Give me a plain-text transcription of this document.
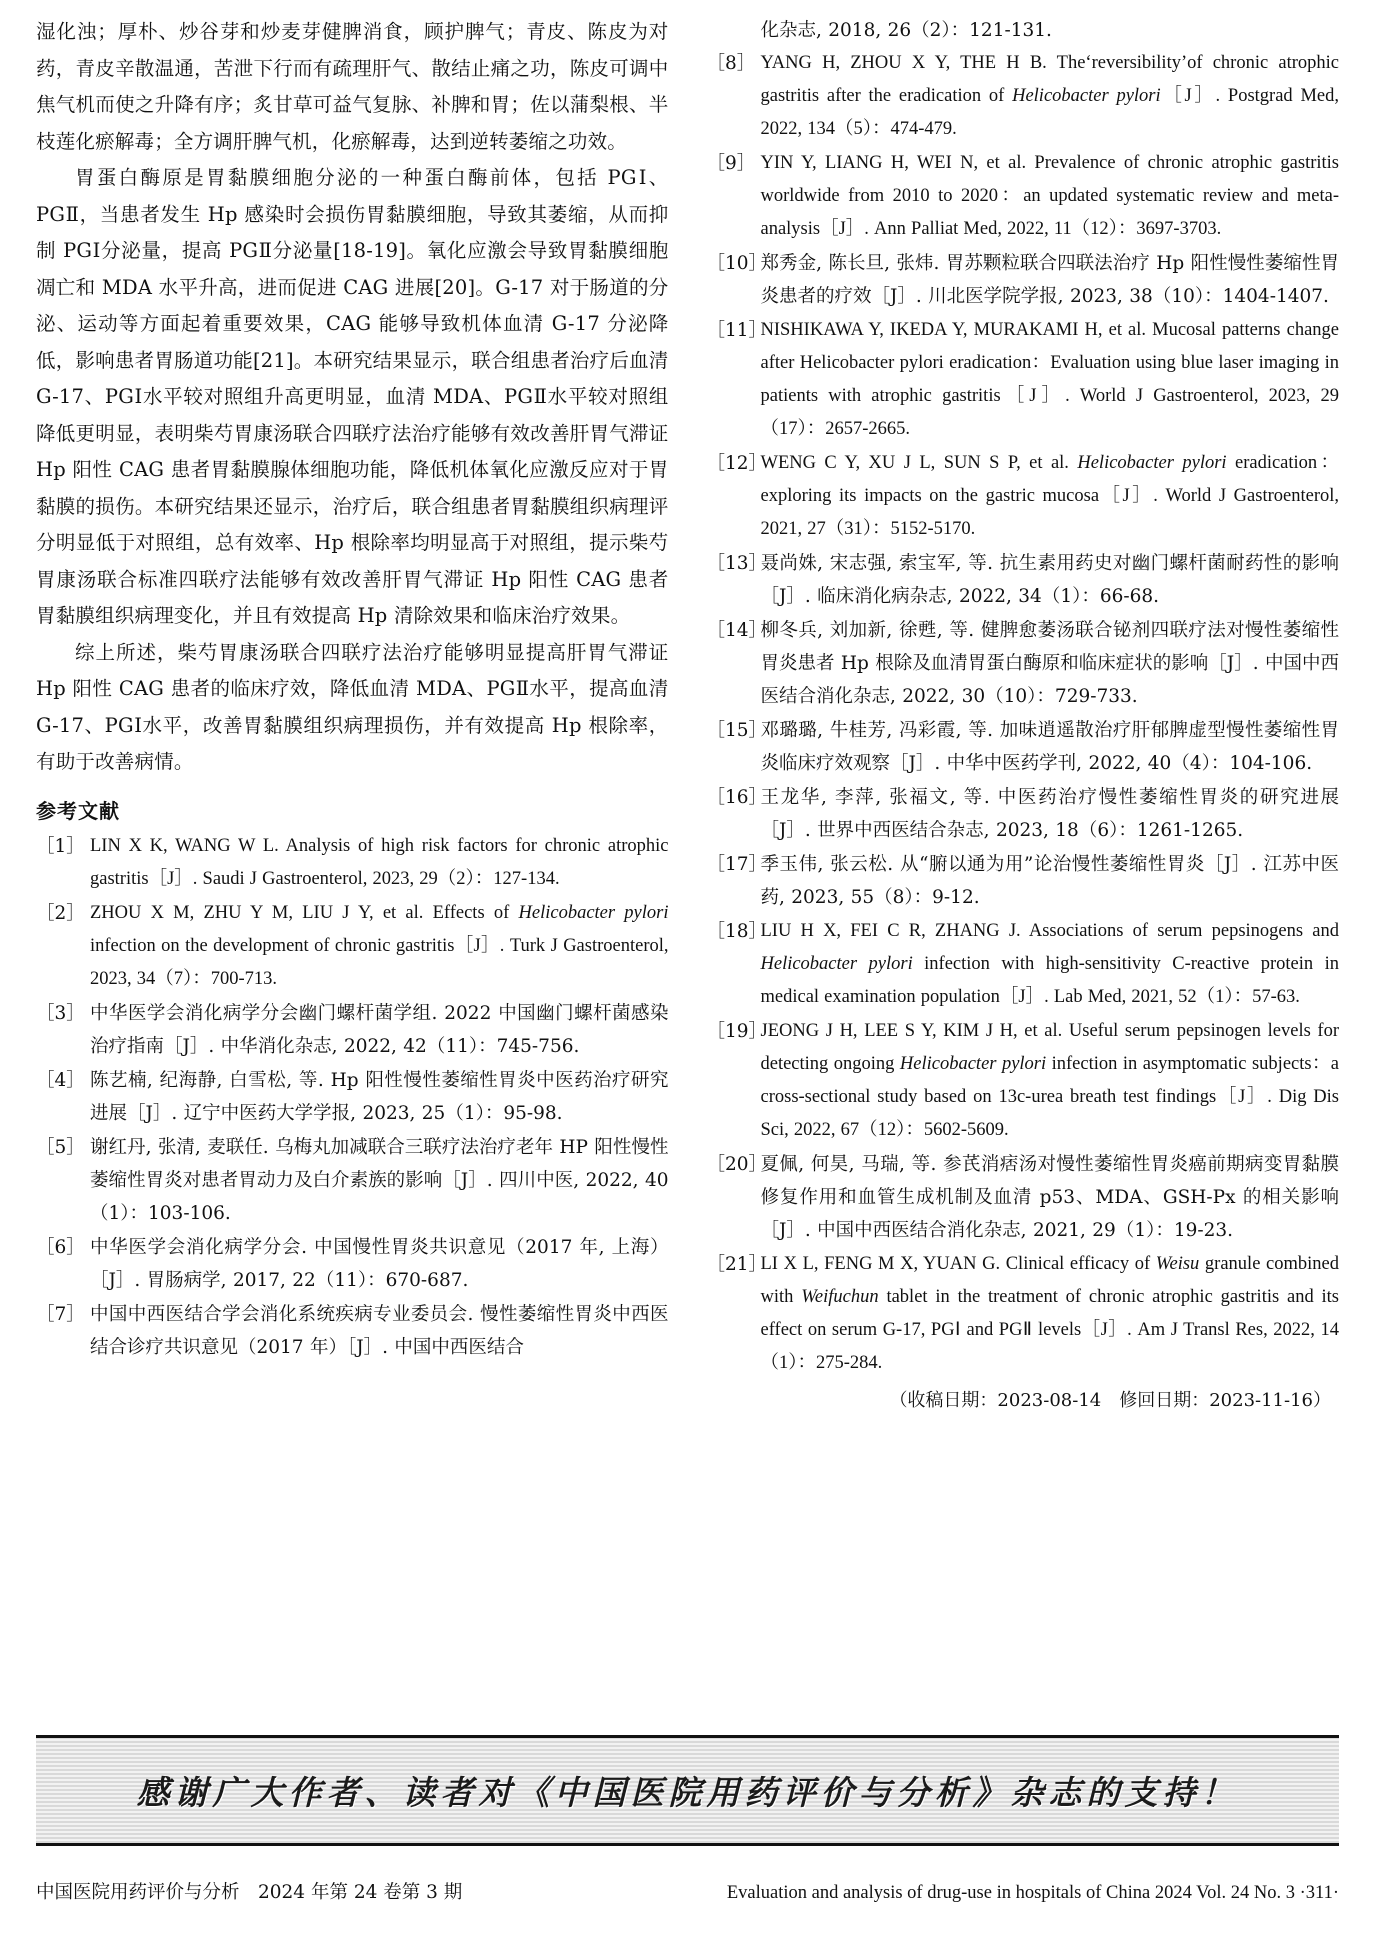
湿化浊；厚朴、炒谷芽和炒麦芽健脾消食，顾护脾气；青皮、陈皮为对药，青皮辛散温通，苦泄下行而有疏理肝气、散结止痛之功，陈皮可调中焦气机而使之升降有序；炙甘草可益气复脉、补脾和胃；佐以蒲梨根、半枝莲化瘀解毒；全方调肝脾气机，化瘀解毒，达到逆转萎缩之功效。

胃蛋白酶原是胃黏膜细胞分泌的一种蛋白酶前体，包括 PGⅠ、PGⅡ，当患者发生 Hp 感染时会损伤胃黏膜细胞，导致其萎缩，从而抑制 PGⅠ分泌量，提高 PGⅡ分泌量[18-19]。氧化应激会导致胃黏膜细胞凋亡和 MDA 水平升高，进而促进 CAG 进展[20]。G-17 对于肠道的分泌、运动等方面起着重要效果，CAG 能够导致机体血清 G-17 分泌降低，影响患者胃肠道功能[21]。本研究结果显示，联合组患者治疗后血清 G-17、PGⅠ水平较对照组升高更明显，血清 MDA、PGⅡ水平较对照组降低更明显，表明柴芍胃康汤联合四联疗法治疗能够有效改善肝胃气滞证 Hp 阳性 CAG 患者胃黏膜腺体细胞功能，降低机体氧化应激反应对于胃黏膜的损伤。本研究结果还显示，治疗后，联合组患者胃黏膜组织病理评分明显低于对照组，总有效率、Hp 根除率均明显高于对照组，提示柴芍胃康汤联合标准四联疗法能够有效改善肝胃气滞证 Hp 阳性 CAG 患者胃黏膜组织病理变化，并且有效提高 Hp 清除效果和临床治疗效果。

综上所述，柴芍胃康汤联合四联疗法治疗能够明显提高肝胃气滞证 Hp 阳性 CAG 患者的临床疗效，降低血清 MDA、PGⅡ水平，提高血清 G-17、PGⅠ水平，改善胃黏膜组织病理损伤，并有效提高 Hp 根除率，有助于改善病情。

参考文献
［1］ LIN X K, WANG W L. Analysis of high risk factors for chronic atrophic gastritis［J］. Saudi J Gastroenterol, 2023, 29（2）：127-134.
［2］ ZHOU X M, ZHU Y M, LIU J Y, et al. Effects of Helicobacter pylori infection on the development of chronic gastritis［J］. Turk J Gastroenterol, 2023, 34（7）：700-713.
［3］ 中华医学会消化病学分会幽门螺杆菌学组. 2022 中国幽门螺杆菌感染治疗指南［J］. 中华消化杂志, 2022, 42（11）：745-756.
［4］ 陈艺楠, 纪海静, 白雪松, 等. Hp 阳性慢性萎缩性胃炎中医药治疗研究进展［J］. 辽宁中医药大学学报, 2023, 25（1）：95-98.
［5］ 谢红丹, 张清, 麦联任. 乌梅丸加减联合三联疗法治疗老年 HP 阳性慢性萎缩性胃炎对患者胃动力及白介素族的影响［J］. 四川中医, 2022, 40（1）：103-106.
［6］ 中华医学会消化病学分会. 中国慢性胃炎共识意见（2017 年, 上海）［J］. 胃肠病学, 2017, 22（11）：670-687.
［7］ 中国中西医结合学会消化系统疾病专业委员会. 慢性萎缩性胃炎中西医结合诊疗共识意见（2017 年）［J］. 中国中西医结合

化杂志, 2018, 26（2）：121-131.
［8］ YANG H, ZHOU X Y, THE H B. The‘reversibility’of chronic atrophic gastritis after the eradication of Helicobacter pylori［J］. Postgrad Med, 2022, 134（5）：474-479.
［9］ YIN Y, LIANG H, WEI N, et al. Prevalence of chronic atrophic gastritis worldwide from 2010 to 2020：an updated systematic review and meta-analysis［J］. Ann Palliat Med, 2022, 11（12）：3697-3703.
［10］
郑秀金, 陈长旦, 张炜. 胃苏颗粒联合四联法治疗 Hp 阳性慢性萎缩性胃炎患者的疗效［J］. 川北医学院学报, 2023, 38（10）：1404-1407.
［11］
NISHIKAWA Y, IKEDA Y, MURAKAMI H, et al. Mucosal patterns change after Helicobacter pylori eradication：Evaluation using blue laser imaging in patients with atrophic gastritis［J］. World J Gastroenterol, 2023, 29（17）：2657-2665.
［12］
WENG C Y, XU J L, SUN S P, et al. Helicobacter pylori eradication：exploring its impacts on the gastric mucosa［J］. World J Gastroenterol, 2021, 27（31）：5152-5170.
［13］
聂尚姝, 宋志强, 索宝军, 等. 抗生素用药史对幽门螺杆菌耐药性的影响［J］. 临床消化病杂志, 2022, 34（1）：66-68.
［14］
柳冬兵, 刘加新, 徐甦, 等. 健脾愈萎汤联合铋剂四联疗法对慢性萎缩性胃炎患者 Hp 根除及血清胃蛋白酶原和临床症状的影响［J］. 中国中西医结合消化杂志, 2022, 30（10）：729-733.
［15］
邓璐璐, 牛桂芳, 冯彩霞, 等. 加味逍遥散治疗肝郁脾虚型慢性萎缩性胃炎临床疗效观察［J］. 中华中医药学刊, 2022, 40（4）：104-106.
［16］
王龙华, 李萍, 张福文, 等. 中医药治疗慢性萎缩性胃炎的研究进展［J］. 世界中西医结合杂志, 2023, 18（6）：1261-1265.
［17］
季玉伟, 张云松. 从“腑以通为用”论治慢性萎缩性胃炎［J］. 江苏中医药, 2023, 55（8）：9-12.
［18］
LIU H X, FEI C R, ZHANG J. Associations of serum pepsinogens and Helicobacter pylori infection with high-sensitivity C-reactive protein in medical examination population［J］. Lab Med, 2021, 52（1）：57-63.
［19］
JEONG J H, LEE S Y, KIM J H, et al. Useful serum pepsinogen levels for detecting ongoing Helicobacter pylori infection in asymptomatic subjects：a cross-sectional study based on 13c-urea breath test findings［J］. Dig Dis Sci, 2022, 67（12）：5602-5609.
［20］
夏佩, 何昊, 马瑞, 等. 参芪消痞汤对慢性萎缩性胃炎癌前期病变胃黏膜修复作用和血管生成机制及血清 p53、MDA、GSH-Px 的相关影响［J］. 中国中西医结合消化杂志, 2021, 29（1）：19-23.
［21］
LI X L, FENG M X, YUAN G. Clinical efficacy of Weisu granule combined with Weifuchun tablet in the treatment of chronic atrophic gastritis and its effect on serum G-17, PGⅠ and PGⅡ levels［J］. Am J Transl Res, 2022, 14（1）：275-284.
（收稿日期：2023-08-14　修回日期：2023-11-16）
感谢广大作者、读者对《中国医院用药评价与分析》杂志的支持！
中国医院用药评价与分析　2024 年第 24 卷第 3 期	Evaluation and analysis of drug-use in hospitals of China 2024 Vol. 24 No. 3 ·311·
